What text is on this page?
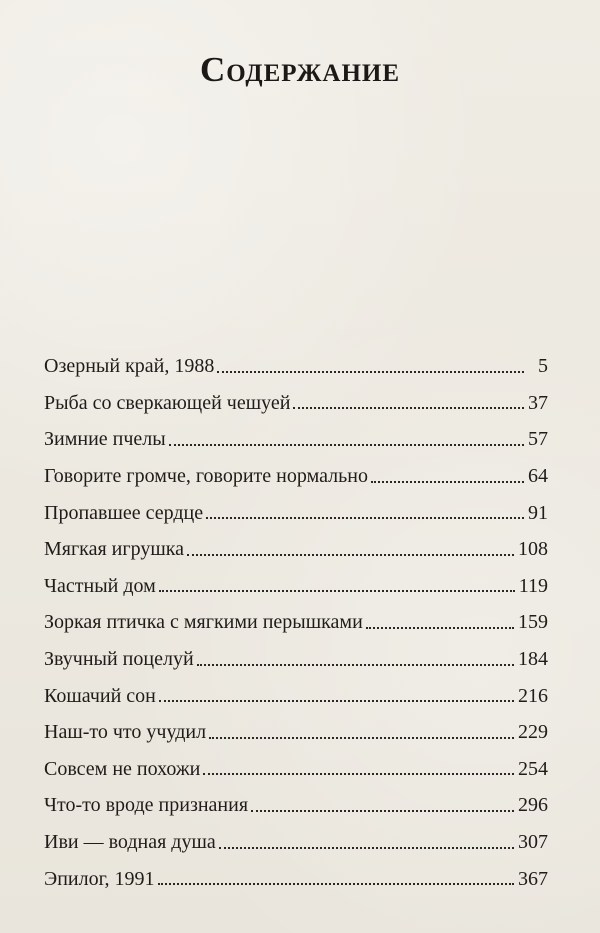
Содержание
Озерный край, 1988	5
Рыба со сверкающей чешуей	37
Зимние пчелы	57
Говорите громче, говорите нормально	64
Пропавшее сердце	91
Мягкая игрушка	108
Частный дом	119
Зоркая птичка с мягкими перышками	159
Звучный поцелуй	184
Кошачий сон	216
Наш-то что учудил	229
Совсем не похожи	254
Что-то вроде признания	296
Иви — водная душа	307
Эпилог, 1991	367
